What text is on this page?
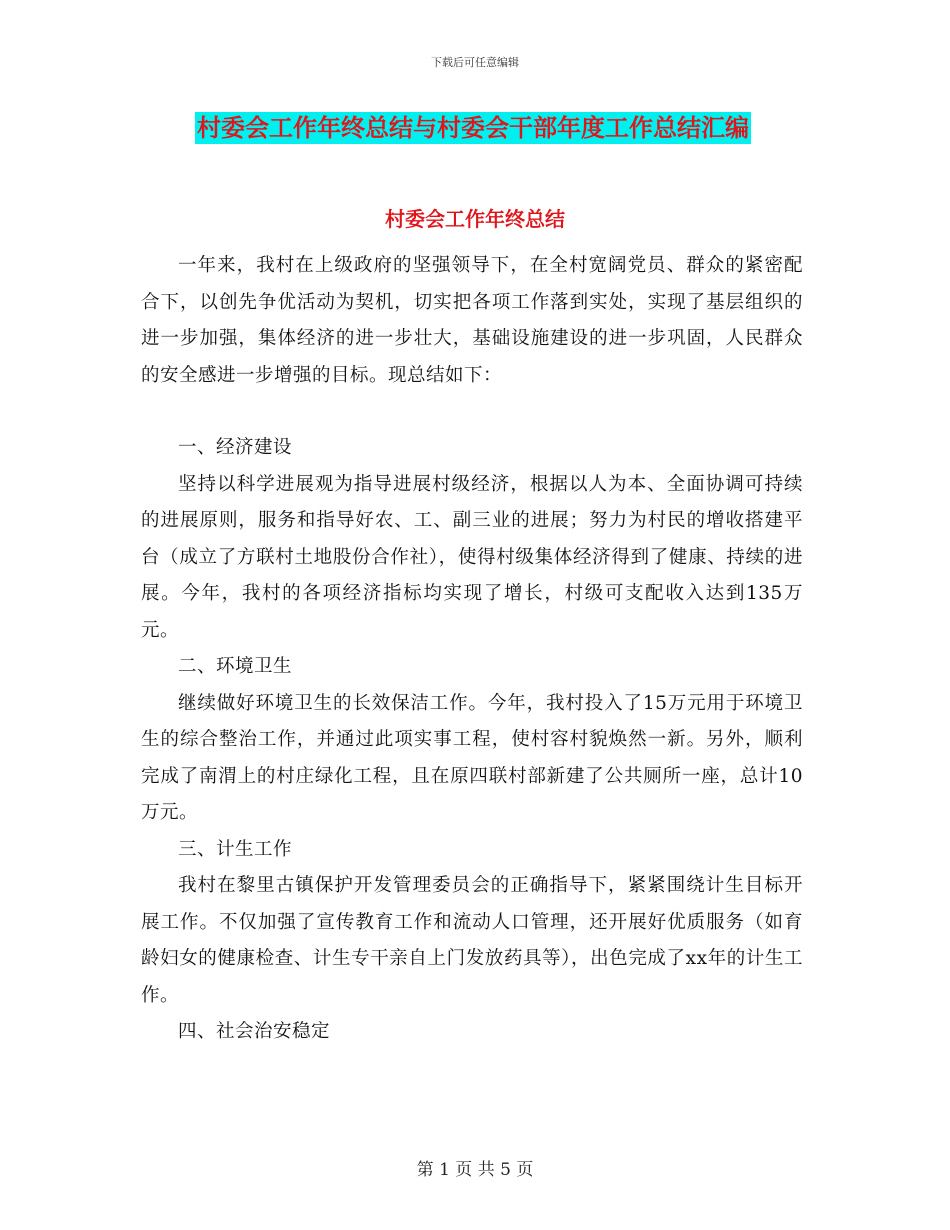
下载后可任意编辑
村委会工作年终总结与村委会干部年度工作总结汇编
村委会工作年终总结

一年来，我村在上级政府的坚强领导下，在全村宽阔党员、群众的紧密配合下，以创先争优活动为契机，切实把各项工作落到实处，实现了基层组织的进一步加强，集体经济的进一步壮大，基础设施建设的进一步巩固，人民群众的安全感进一步增强的目标。现总结如下：

一、经济建设

坚持以科学进展观为指导进展村级经济，根据以人为本、全面协调可持续的进展原则，服务和指导好农、工、副三业的进展；努力为村民的增收搭建平台（成立了方联村土地股份合作社），使得村级集体经济得到了健康、持续的进展。今年，我村的各项经济指标均实现了增长，村级可支配收入达到135万元。

二、环境卫生

继续做好环境卫生的长效保洁工作。今年，我村投入了15万元用于环境卫生的综合整治工作，并通过此项实事工程，使村容村貌焕然一新。另外，顺利完成了南渭上的村庄绿化工程，且在原四联村部新建了公共厕所一座，总计10万元。

三、计生工作

我村在黎里古镇保护开发管理委员会的正确指导下，紧紧围绕计生目标开展工作。不仅加强了宣传教育工作和流动人口管理，还开展好优质服务（如育龄妇女的健康检查、计生专干亲自上门发放药具等），出色完成了xx年的计生工作。

四、社会治安稳定

第 1 页 共 5 页
